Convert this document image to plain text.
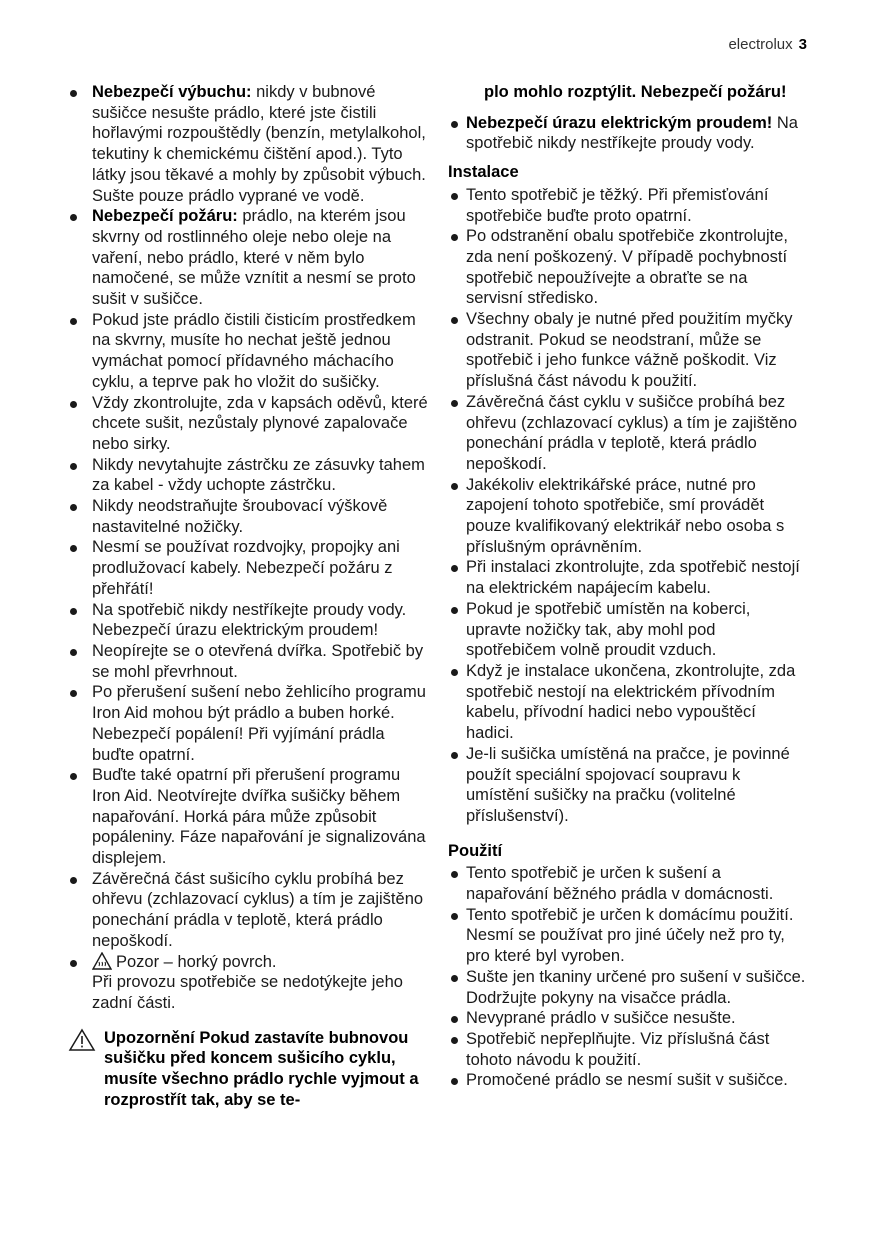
electrolux 3
Nebezpečí výbuchu: nikdy v bubnové sušičce nesušte prádlo, které jste čistili hořlavými rozpouštědly (benzín, metylalkohol, tekutiny k chemickému čištění apod.). Tyto látky jsou těkavé a mohly by způsobit výbuch. Sušte pouze prádlo vyprané ve vodě.
Nebezpečí požáru: prádlo, na kterém jsou skvrny od rostlinného oleje nebo oleje na vaření, nebo prádlo, které v něm bylo namočené, se může vznítit a nesmí se proto sušit v sušičce.
Pokud jste prádlo čistili čisticím prostředkem na skvrny, musíte ho nechat ještě jednou vymáchat pomocí přídavného máchacího cyklu, a teprve pak ho vložit do sušičky.
Vždy zkontrolujte, zda v kapsách oděvů, které chcete sušit, nezůstaly plynové zapalovače nebo sirky.
Nikdy nevytahujte zástrčku ze zásuvky tahem za kabel - vždy uchopte zástrčku.
Nikdy neodstraňujte šroubovací výškově nastavitelné nožičky.
Nesmí se používat rozdvojky, propojky ani prodlužovací kabely. Nebezpečí požáru z přehřátí!
Na spotřebič nikdy nestříkejte proudy vody. Nebezpečí úrazu elektrickým proudem!
Neopírejte se o otevřená dvířka. Spotřebič by se mohl převrhnout.
Po přerušení sušení nebo žehlicího programu Iron Aid mohou být prádlo a buben horké. Nebezpečí popálení! Při vyjímání prádla buďte opatrní.
Buďte také opatrní při přerušení programu Iron Aid. Neotvírejte dvířka sušičky během napařování. Horká pára může způsobit popáleniny. Fáze napařování je signalizována displejem.
Závěrečná část sušicího cyklu probíhá bez ohřevu (zchlazovací cyklus) a tím je zajištěno ponechání prádla v teplotě, která prádlo nepoškodí.
Pozor – horký povrch.
Při provozu spotřebiče se nedotýkejte jeho zadní části.
Upozornění Pokud zastavíte bubnovou sušičku před koncem sušicího cyklu, musíte všechno prádlo rychle vyjmout a rozprostřít tak, aby se te-
plo mohlo rozptýlit. Nebezpečí požáru!
Nebezpečí úrazu elektrickým proudem! Na spotřebič nikdy nestříkejte proudy vody.
Instalace
Tento spotřebič je těžký. Při přemisťování spotřebiče buďte proto opatrní.
Po odstranění obalu spotřebiče zkontrolujte, zda není poškozený. V případě pochybností spotřebič nepoužívejte a obraťte se na servisní středisko.
Všechny obaly je nutné před použitím myčky odstranit. Pokud se neodstraní, může se spotřebič i jeho funkce vážně poškodit. Viz příslušná část návodu k použití.
Závěrečná část cyklu v sušičce probíhá bez ohřevu (zchlazovací cyklus) a tím je zajištěno ponechání prádla v teplotě, která prádlo nepoškodí.
Jakékoliv elektrikářské práce, nutné pro zapojení tohoto spotřebiče, smí provádět pouze kvalifikovaný elektrikář nebo osoba s příslušným oprávněním.
Při instalaci zkontrolujte, zda spotřebič nestojí na elektrickém napájecím kabelu.
Pokud je spotřebič umístěn na koberci, upravte nožičky tak, aby mohl pod spotřebičem volně proudit vzduch.
Když je instalace ukončena, zkontrolujte, zda spotřebič nestojí na elektrickém přívodním kabelu, přívodní hadici nebo vypouštěcí hadici.
Je-li sušička umístěná na pračce, je povinné použít speciální spojovací soupravu k umístění sušičky na pračku (volitelné příslušenství).
Použití
Tento spotřebič je určen k sušení a napařování běžného prádla v domácnosti.
Tento spotřebič je určen k domácímu použití. Nesmí se používat pro jiné účely než pro ty, pro které byl vyroben.
Sušte jen tkaniny určené pro sušení v sušičce. Dodržujte pokyny na visačce prádla.
Nevyprané prádlo v sušičce nesušte.
Spotřebič nepřeplňujte. Viz příslušná část tohoto návodu k použití.
Promočené prádlo se nesmí sušit v sušičce.
